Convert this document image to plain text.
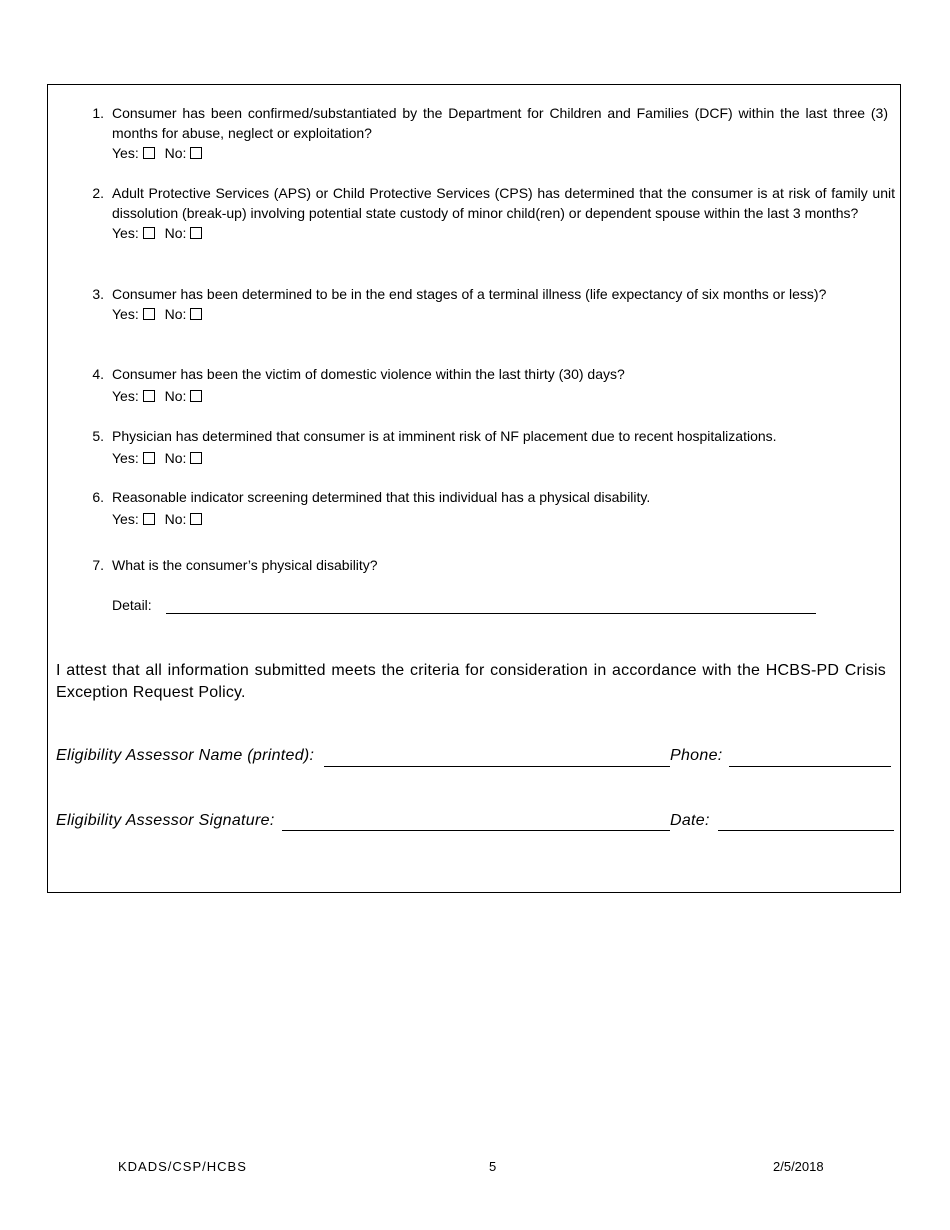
1. Consumer has been confirmed/substantiated by the Department for Children and Families (DCF) within the last three (3) months for abuse, neglect or exploitation?
Yes: No:
2. Adult Protective Services (APS) or Child Protective Services (CPS) has determined that the consumer is at risk of family unit dissolution (break-up) involving potential state custody of minor child(ren) or dependent spouse within the last 3 months?
Yes: No:
3. Consumer has been determined to be in the end stages of a terminal illness (life expectancy of six months or less)?
Yes: No:
4. Consumer has been the victim of domestic violence within the last thirty (30) days?
Yes: No:
5. Physician has determined that consumer is at imminent risk of NF placement due to recent hospitalizations.
Yes: No:
6. Reasonable indicator screening determined that this individual has a physical disability.
Yes: No:
7. What is the consumer’s physical disability?
Detail:
I attest that all information submitted meets the criteria for consideration in accordance with the HCBS-PD Crisis Exception Request Policy.
Eligibility Assessor Name (printed):	Phone:
Eligibility Assessor Signature:	Date:
KDADS/CSP/HCBS	5	2/5/2018
